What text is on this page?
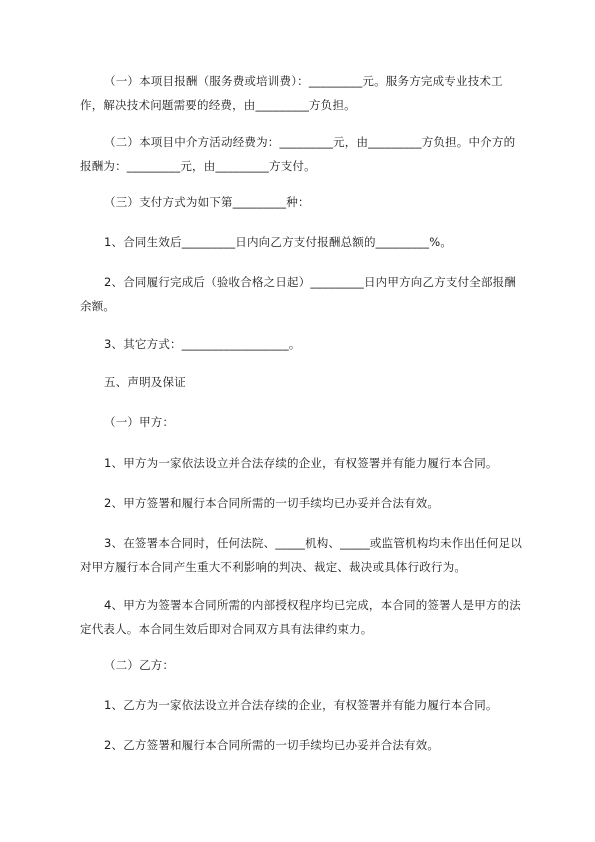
（一）本项目报酬（服务费或培训费）：_________元。服务方完成专业技术工作，解决技术问题需要的经费，由_________方负担。

（二）本项目中介方活动经费为：_________元，由_________方负担。中介方的报酬为：_________元，由_________方支付。

（三）支付方式为如下第_________种：

1、合同生效后_________日内向乙方支付报酬总额的_________%。

2、合同履行完成后（验收合格之日起）_________日内甲方向乙方支付全部报酬余额。

3、其它方式：__________________。

五、声明及保证

（一）甲方：

1、甲方为一家依法设立并合法存续的企业，有权签署并有能力履行本合同。

2、甲方签署和履行本合同所需的一切手续均已办妥并合法有效。

3、在签署本合同时，任何法院、_____机构、_____或监管机构均未作出任何足以对甲方履行本合同产生重大不利影响的判决、裁定、裁决或具体行政行为。

4、甲方为签署本合同所需的内部授权程序均已完成，本合同的签署人是甲方的法定代表人。本合同生效后即对合同双方具有法律约束力。

（二）乙方：

1、乙方为一家依法设立并合法存续的企业，有权签署并有能力履行本合同。

2、乙方签署和履行本合同所需的一切手续均已办妥并合法有效。
